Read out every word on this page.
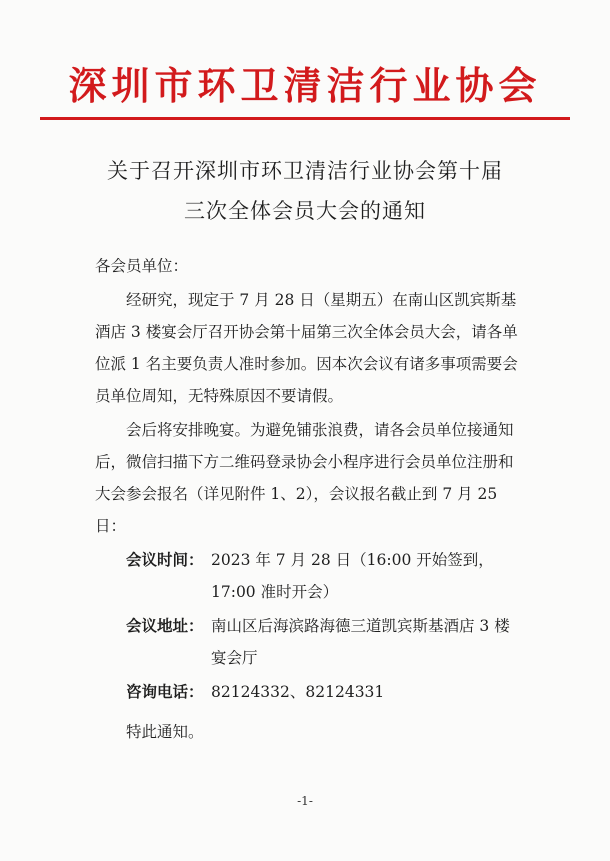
深圳市环卫清洁行业协会
关于召开深圳市环卫清洁行业协会第十届
三次全体会员大会的通知

各会员单位：

经研究，现定于 7 月 28 日（星期五）在南山区凯宾斯基酒店 3 楼宴会厅召开协会第十届第三次全体会员大会，请各单位派 1 名主要负责人准时参加。因本次会议有诸多事项需要会员单位周知，无特殊原因不要请假。

会后将安排晚宴。为避免铺张浪费，请各会员单位接通知后，微信扫描下方二维码登录协会小程序进行会员单位注册和大会参会报名（详见附件 1、2），会议报名截止到 7 月 25 日：

会议时间： 2023 年 7 月 28 日（16:00 开始签到，17:00 准时开会）
会议地址： 南山区后海滨路海德三道凯宾斯基酒店 3 楼宴会厅
咨询电话： 82124332、82124331

特此通知。

-1-
